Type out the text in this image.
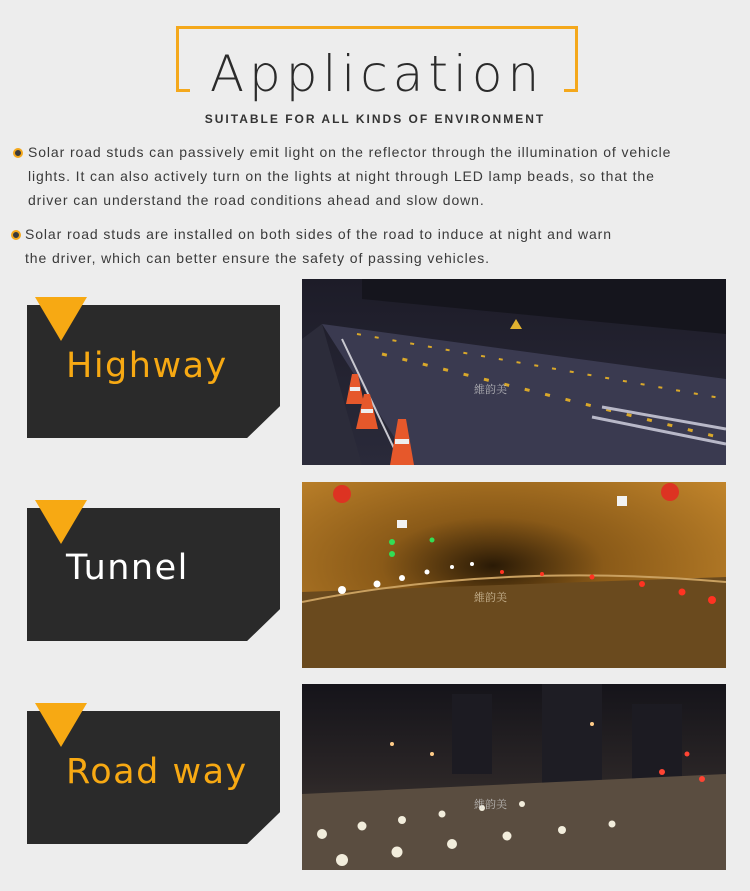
Application
SUITABLE FOR ALL KINDS OF ENVIRONMENT
Solar road studs can passively emit light on the reflector through the illumination of vehicle
lights. It can also actively turn on the lights at night through LED lamp beads, so that the
driver can understand the road conditions ahead and slow down.
Solar road studs are installed on both sides of the road to induce at night and warn
the driver, which can better ensure the safety of passing vehicles.
Highway
Tunnel
Road way
維韵美
維韵美
維韵美
